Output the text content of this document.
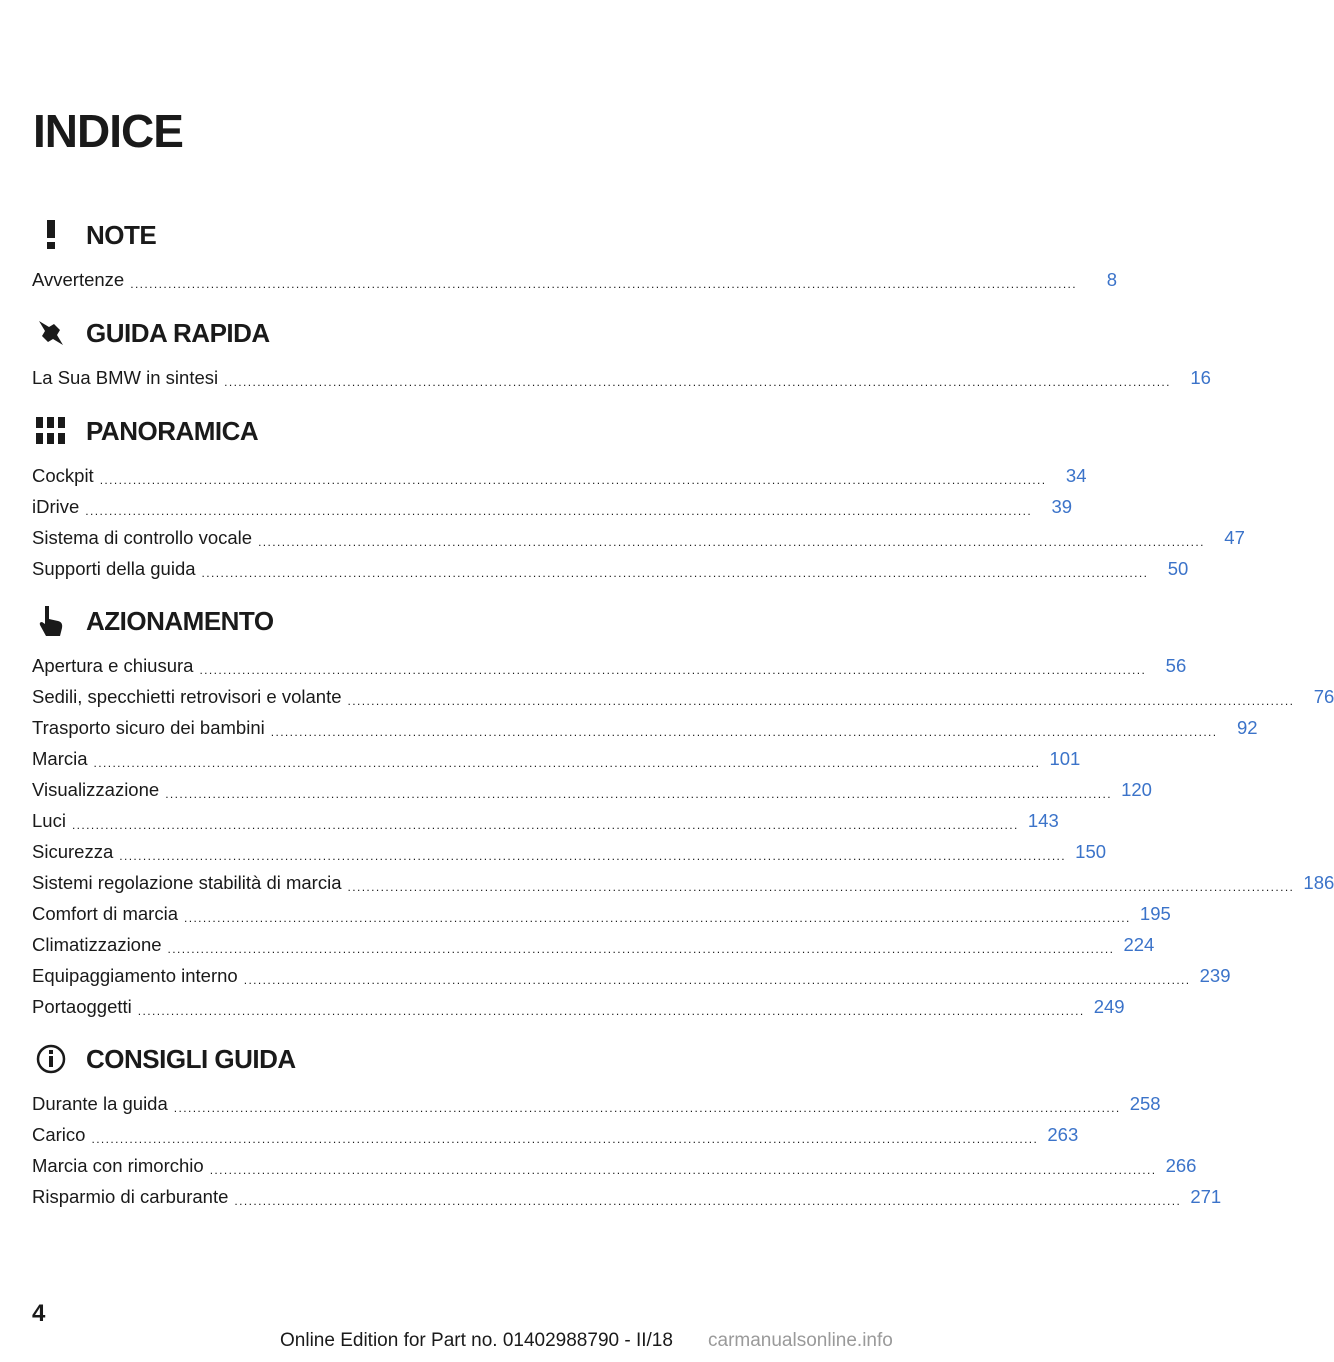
INDICE
NOTE
Avvertenze ........................................................................................................................................................................................................	8
GUIDA RAPIDA
La Sua BMW in sintesi ........................................................................................................................................................................................................	16
PANORAMICA
Cockpit ........................................................................................................................................................................................................	34
iDrive ........................................................................................................................................................................................................	39
Sistema di controllo vocale ........................................................................................................................................................................................................	47
Supporti della guida ........................................................................................................................................................................................................	50
AZIONAMENTO
Apertura e chiusura ........................................................................................................................................................................................................	56
Sedili, specchietti retrovisori e volante ........................................................................................................................................................................................................	76
Trasporto sicuro dei bambini ........................................................................................................................................................................................................	92
Marcia ........................................................................................................................................................................................................ 101
Visualizzazione ........................................................................................................................................................................................................ 120
Luci ........................................................................................................................................................................................................ 143
Sicurezza ........................................................................................................................................................................................................ 150
Sistemi regolazione stabilità di marcia ........................................................................................................................................................................................................ 186
Comfort di marcia ........................................................................................................................................................................................................ 195
Climatizzazione ........................................................................................................................................................................................................ 224
Equipaggiamento interno ........................................................................................................................................................................................................ 239
Portaoggetti ........................................................................................................................................................................................................ 249
CONSIGLI GUIDA
Durante la guida ........................................................................................................................................................................................................ 258
Carico ........................................................................................................................................................................................................ 263
Marcia con rimorchio ........................................................................................................................................................................................................ 266
Risparmio di carburante ........................................................................................................................................................................................................ 271
4
Online Edition for Part no. 01402988790 - II/18 carmanualsonline.info
